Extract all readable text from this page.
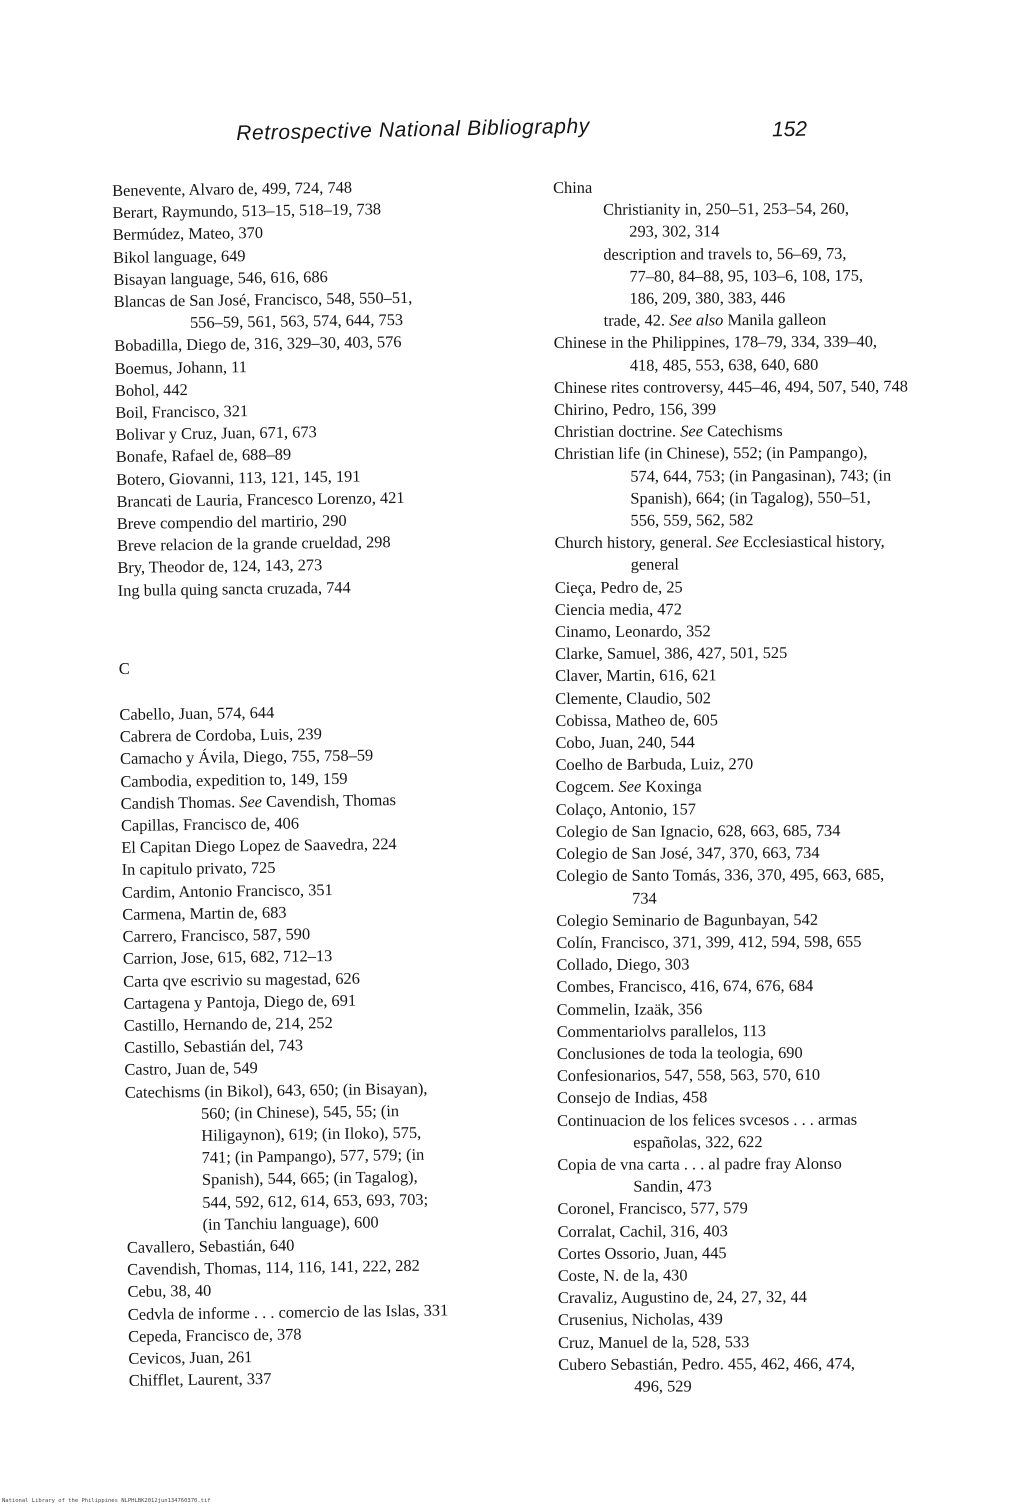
Retrospective National Bibliography	152
Benevente, Alvaro de, 499, 724, 748
Berart, Raymundo, 513–15, 518–19, 738
Bermúdez, Mateo, 370
Bikol language, 649
Bisayan language, 546, 616, 686
Blancas de San José, Francisco, 548, 550–51,
556–59, 561, 563, 574, 644, 753
Bobadilla, Diego de, 316, 329–30, 403, 576
Boemus, Johann, 11
Bohol, 442
Boil, Francisco, 321
Bolivar y Cruz, Juan, 671, 673
Bonafe, Rafael de, 688–89
Botero, Giovanni, 113, 121, 145, 191
Brancati de Lauria, Francesco Lorenzo, 421
Breve compendio del martirio, 290
Breve relacion de la grande crueldad, 298
Bry, Theodor de, 124, 143, 273
Ing bulla quing sancta cruzada, 744
C
Cabello, Juan, 574, 644
Cabrera de Cordoba, Luis, 239
Camacho y Ávila, Diego, 755, 758–59
Cambodia, expedition to, 149, 159
Candish Thomas. See Cavendish, Thomas
Capillas, Francisco de, 406
El Capitan Diego Lopez de Saavedra, 224
In capitulo privato, 725
Cardim, Antonio Francisco, 351
Carmena, Martin de, 683
Carrero, Francisco, 587, 590
Carrion, Jose, 615, 682, 712–13
Carta qve escrivio su magestad, 626
Cartagena y Pantoja, Diego de, 691
Castillo, Hernando de, 214, 252
Castillo, Sebastián del, 743
Castro, Juan de, 549
Catechisms (in Bikol), 643, 650; (in Bisayan),
560; (in Chinese), 545, 55; (in
Hiligaynon), 619; (in Iloko), 575,
741; (in Pampango), 577, 579; (in
Spanish), 544, 665; (in Tagalog),
544, 592, 612, 614, 653, 693, 703;
(in Tanchiu language), 600
Cavallero, Sebastián, 640
Cavendish, Thomas, 114, 116, 141, 222, 282
Cebu, 38, 40
Cedvla de informe . . . comercio de las Islas, 331
Cepeda, Francisco de, 378
Cevicos, Juan, 261
Chifflet, Laurent, 337
China
Christianity in, 250–51, 253–54, 260,
293, 302, 314
description and travels to, 56–69, 73,
77–80, 84–88, 95, 103–6, 108, 175,
186, 209, 380, 383, 446
trade, 42. See also Manila galleon
Chinese in the Philippines, 178–79, 334, 339–40,
418, 485, 553, 638, 640, 680
Chinese rites controversy, 445–46, 494, 507, 540, 748
Chirino, Pedro, 156, 399
Christian doctrine. See Catechisms
Christian life (in Chinese), 552; (in Pampango),
574, 644, 753; (in Pangasinan), 743; (in
Spanish), 664; (in Tagalog), 550–51,
556, 559, 562, 582
Church history, general. See Ecclesiastical history,
general
Cieça, Pedro de, 25
Ciencia media, 472
Cinamo, Leonardo, 352
Clarke, Samuel, 386, 427, 501, 525
Claver, Martin, 616, 621
Clemente, Claudio, 502
Cobissa, Matheo de, 605
Cobo, Juan, 240, 544
Coelho de Barbuda, Luiz, 270
Cogcem. See Koxinga
Colaço, Antonio, 157
Colegio de San Ignacio, 628, 663, 685, 734
Colegio de San José, 347, 370, 663, 734
Colegio de Santo Tomás, 336, 370, 495, 663, 685,
734
Colegio Seminario de Bagunbayan, 542
Colín, Francisco, 371, 399, 412, 594, 598, 655
Collado, Diego, 303
Combes, Francisco, 416, 674, 676, 684
Commelin, Izaäk, 356
Commentariolvs parallelos, 113
Conclusiones de toda la teologia, 690
Confesionarios, 547, 558, 563, 570, 610
Consejo de Indias, 458
Continuacion de los felices svcesos . . . armas
españolas, 322, 622
Copia de vna carta . . . al padre fray Alonso
Sandin, 473
Coronel, Francisco, 577, 579
Corralat, Cachil, 316, 403
Cortes Ossorio, Juan, 445
Coste, N. de la, 430
Cravaliz, Augustino de, 24, 27, 32, 44
Crusenius, Nicholas, 439
Cruz, Manuel de la, 528, 533
Cubero Sebastián, Pedro. 455, 462, 466, 474,
496, 529
National Library of the Philippines NLPHLBK2012jun134760370.tif
